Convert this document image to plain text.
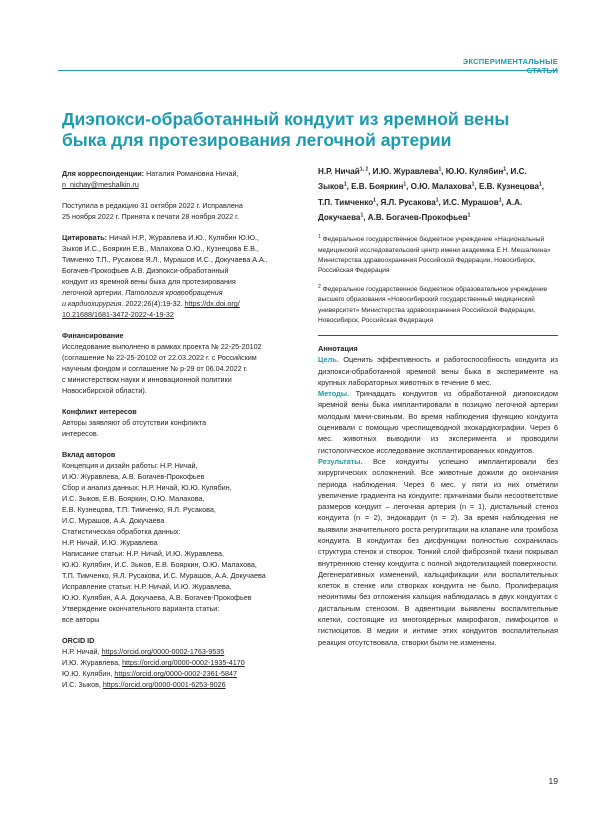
ЭКСПЕРИМЕНТАЛЬНЫЕ
Диэпокси-обработанный кондуит из яремной вены
быка для протезирования легочной артерии

Для корреспонденции: Наталия Романовна Ничай,

n_nichay@meshalkin.ru

Поступила в редакцию 31 октября 2022 г. Исправлена

25 ноября 2022 г. Принята к печати 28 ноября 2022 г.

Цитировать: Ничай Н.Р., Журавлева И.Ю., Кулябин Ю.Ю.,

Зыков И.С., Бояркин Е.В., Малахова О.Ю., Кузнецова Е.В.,

Тимченко Т.П., Русакова Я.Л., Мурашов И.С., Докучаева А.А.,

Богачев-Прокофьев А.В. Диэпокси-обработанный

кондуит из яремной вены быка для протезирования

легочной артерии. Патология кровообращения

и кардиохирургия. 2022;26(4):19-32. https://dx.doi.org/

10.21688/1681-3472-2022-4-19-32

Финансирование

Исследование выполнено в рамках проекта № 22-25-20102

(соглашение № 22-25-20102 от 22.03.2022 г. с Российским

научным фондом и соглашение № р-29 от 06.04.2022 г.

с министерством науки и инновационной политики

Новосибирской области).

Конфликт интересов

Авторы заявляют об отсутствии конфликта

интересов.

Вклад авторов

Концепция и дизайн работы: Н.Р. Ничай,

И.Ю. Журавлева, А.В. Богачев-Прокофьев

Сбор и анализ данных: Н.Р. Ничай, Ю.Ю. Кулябин,

И.С. Зыков, Е.В. Бояркин, О.Ю. Малахова,

Е.В. Кузнецова, Т.П. Тимченко, Я.Л. Русакова,

И.С. Мурашов, А.А. Докучаева

Статистическая обработка данных:

Н.Р. Ничай, И.Ю. Журавлева

Написание статьи: Н.Р. Ничай, И.Ю. Журавлева,

Ю.Ю. Кулябин, И.С. Зыков, Е.В. Бояркин, О.Ю. Малахова,

Т.П. Тимченко, Я.Л. Русакова, И.С. Мурашов, А.А. Докучаева

Исправление статьи: Н.Р. Ничай, И.Ю. Журавлева,

Ю.Ю. Кулябин, А.А. Докучаева, А.В. Богачев-Прокофьев

Утверждение окончательного варианта статьи:

все авторы

ORCID ID

Н.Р. Ничай, https://orcid.org/0000-0002-1763-9535

И.Ю. Журавлева, https://orcid.org/0000-0002-1935-4170

Ю.Ю. Кулябин, https://orcid.org/0000-0002-2361-5847

И.С. Зыков, https://orcid.org/0000-0001-6253-9026

Н.Р. Ничай$^{1, 2}$, И.Ю. Журавлева$^1$, Ю.Ю. Кулябин$^1$, И.С. Зыков$^1$, Е.В. Бояркин$^1$, О.Ю. Малахова$^1$, Е.В. Кузнецова$^1$, Т.П. Тимченко$^1$, Я.Л. Русакова$^1$, И.С. Мурашов$^1$, А.А. Докучаева$^1$, А.В. Богачев-Прокофьев$^1$

$^1$ Федеральное государственное бюджетное учреждение «Национальный медицинский исследовательский центр имени академика Е.Н. Мешалкина» Министерства здравоохранения Российской Федерации, Новосибирск, Российская Федерация

$^2$ Федеральное государственное бюджетное образовательное учреждение высшего образования «Новосибирский государственный медицинский университет» Министерства здравоохранения Российской Федерации, Новосибирск, Российская Федерация

Аннотация

Цель. Оценить эффективность и работоспособность кондуита из диэпокси-обработанной яремной вены быка в эксперименте на крупных лабораторных животных в течение 6 мес.

Методы. Тринадцать кондуитов из обработанной диэпоксидом яремной вены быка имплантировали в позицию легочной артерии молодым мини-свиньям. Во время наблюдения функцию кондуита оценивали с помощью чреспищеводной эхокардиографии. Через 6 мес. животных выводили из эксперимента и проводили гистологическое исследование эксплантированных кондуитов.

Результаты. Все кондуиты успешно имплантировали без хирургических осложнений. Все животные дожили до окончания периода наблюдения. Через 6 мес. у пяти из них отметили увеличение градиента на кондуите: причинами были несоответствие размеров кондуит – легочная артерия (n = 1), дистальный стеноз кондуита (n = 2), эндокардит (n = 2). За время наблюдения не выявили значительного роста регургитации на клапане или тромбоза кондуита. В кондуитах без дисфункции полностью сохранилась структура стенок и створок. Тонкий слой фиброзной ткани покрывал внутреннюю стенку кондуита с полной эндотелизацией поверхности. Дегенеративных изменений, кальцификации или воспалительных клеток в стенке или створках кондуита не было. Пролиферация неоинтимы без отложения кальция наблюдалась в двух кондуитах с дистальным стенозом. В адвентиции выявлены воспалительные клетки, состоящие из многоядерных макрофагов, лимфоцитов и гистиоцитов. В медии и интиме этих кондуитов воспалительная реакция отсутствовала, створки были не изменены.

19
